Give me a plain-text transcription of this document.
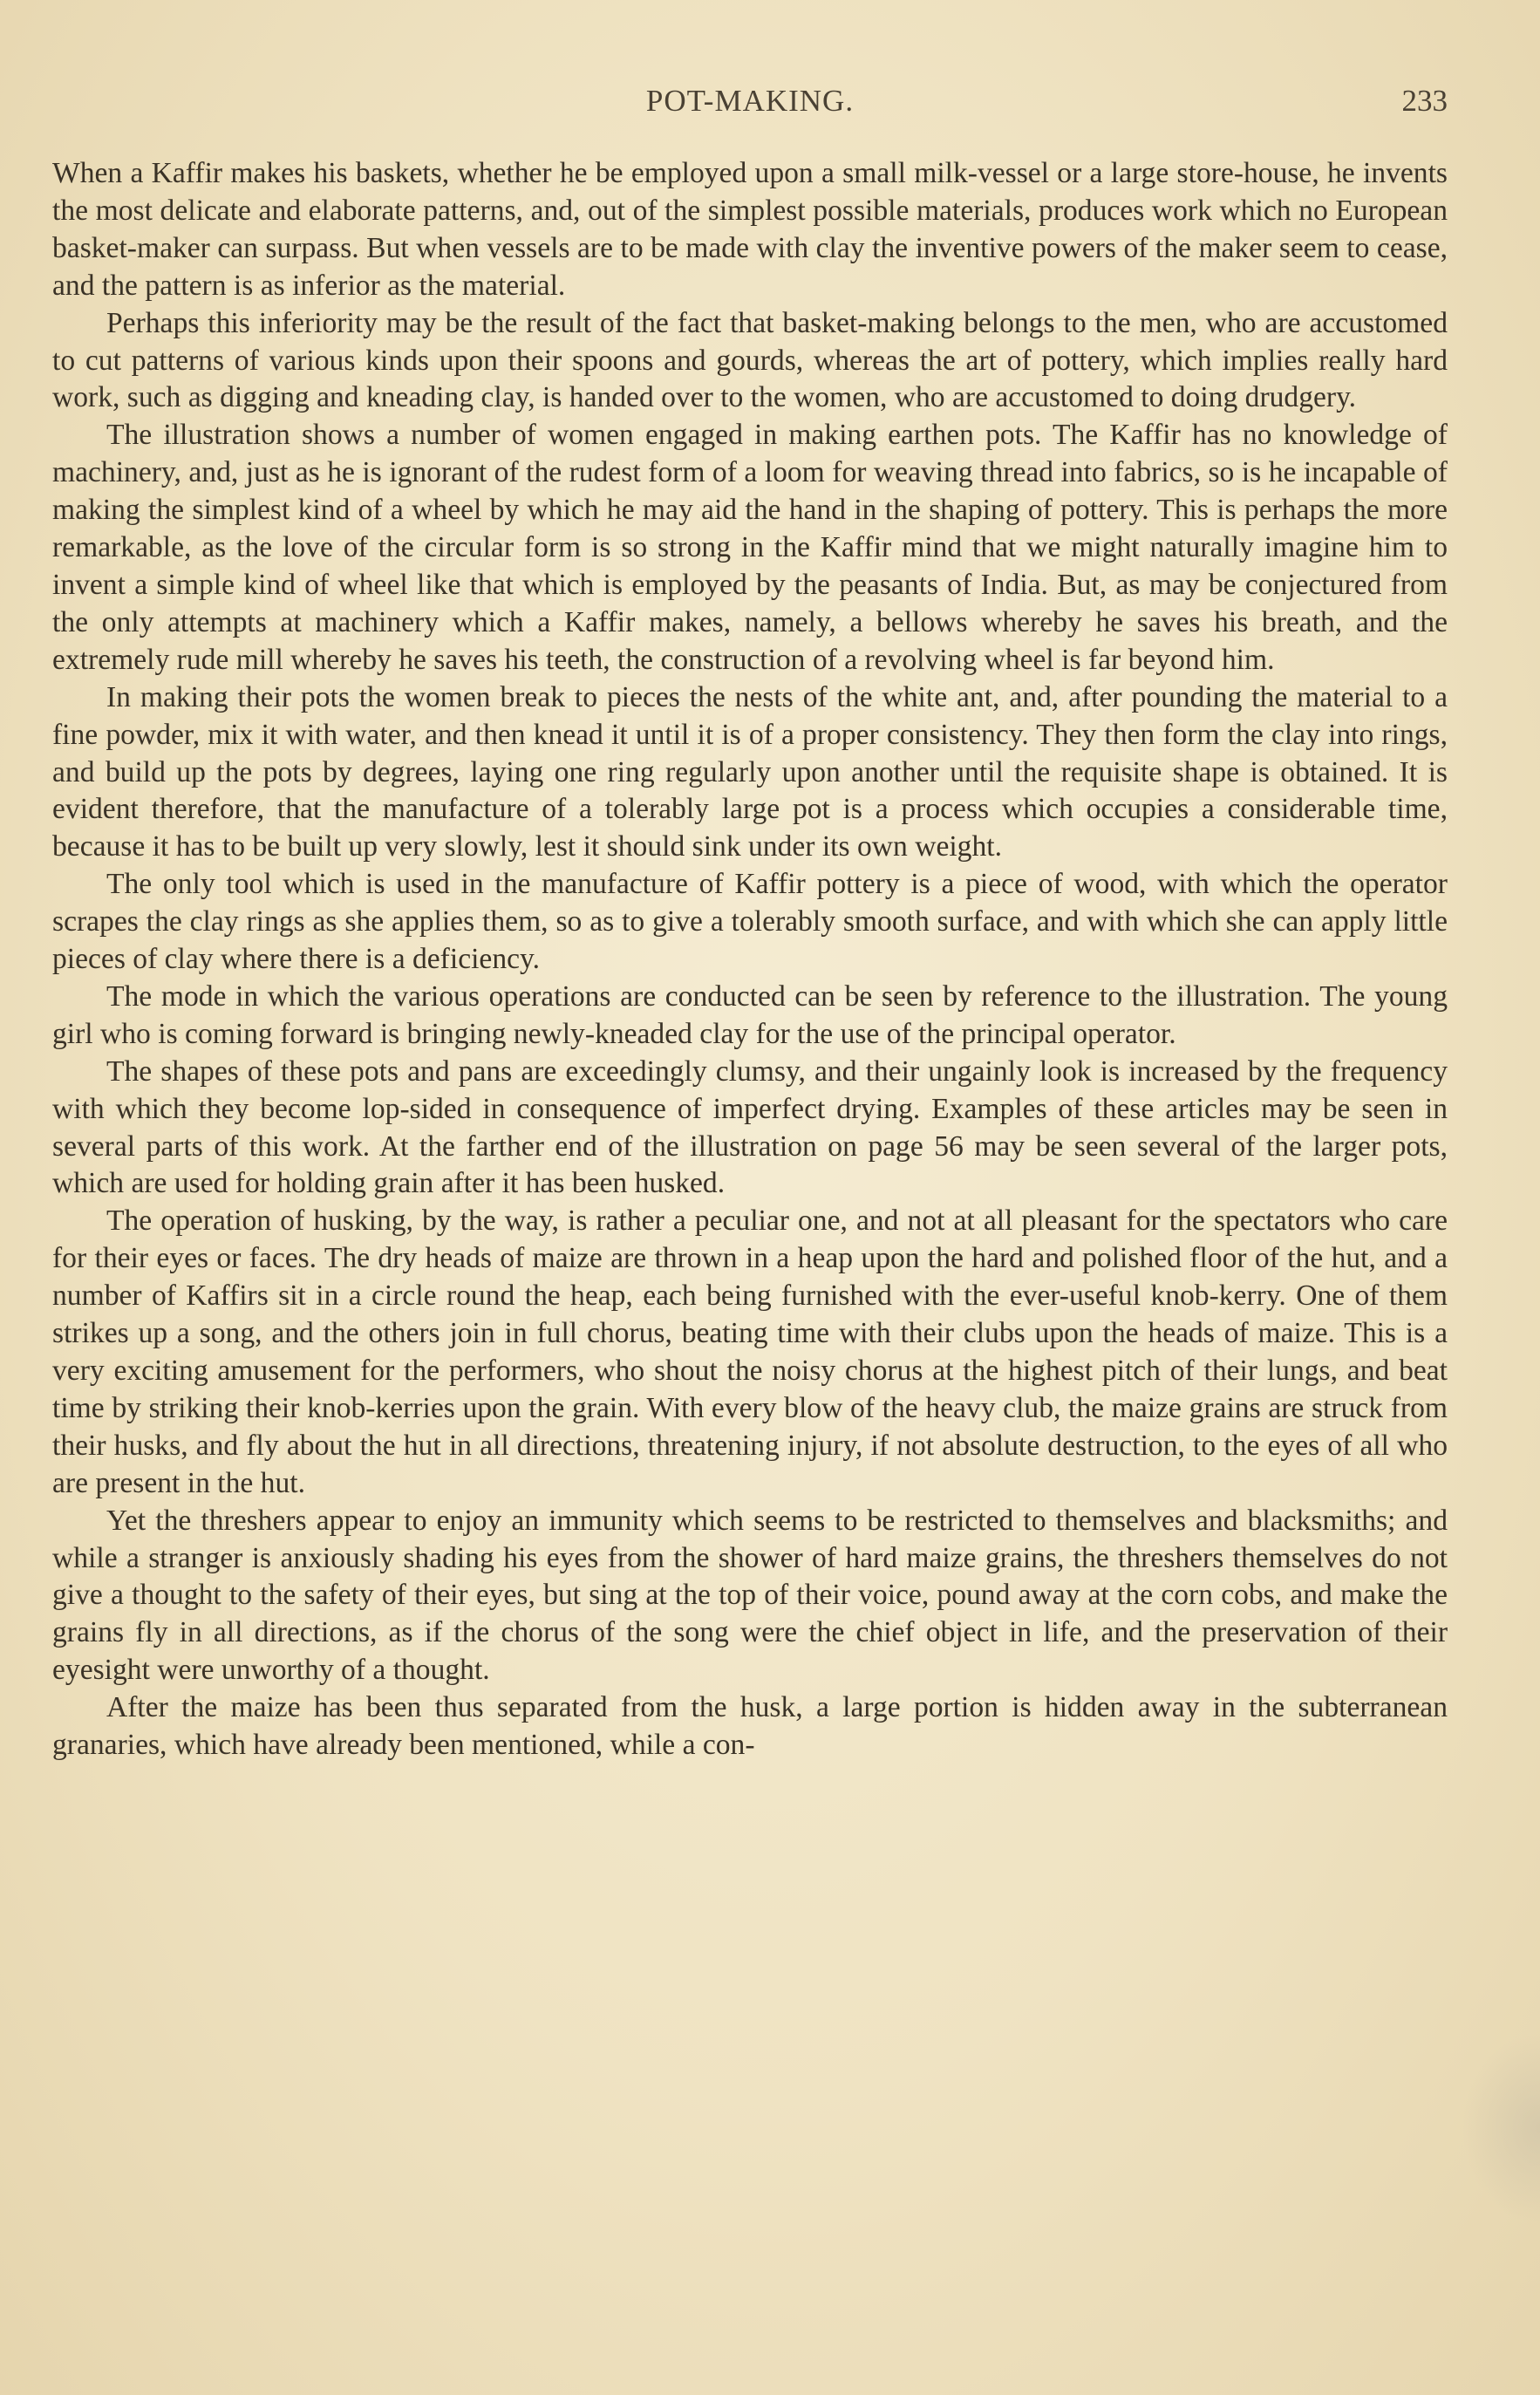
POT-MAKING.	233

When a Kaffir makes his baskets, whether he be employed upon a small milk-vessel or a large store-house, he invents the most delicate and elaborate patterns, and, out of the simplest possible materials, produces work which no European basket-maker can surpass. But when vessels are to be made with clay the inventive powers of the maker seem to cease, and the pattern is as inferior as the material.

Perhaps this inferiority may be the result of the fact that basket-making belongs to the men, who are accustomed to cut patterns of various kinds upon their spoons and gourds, whereas the art of pottery, which implies really hard work, such as digging and kneading clay, is handed over to the women, who are accustomed to doing drudgery.

The illustration shows a number of women engaged in making earthen pots. The Kaffir has no knowledge of machinery, and, just as he is ignorant of the rudest form of a loom for weaving thread into fabrics, so is he incapable of making the simplest kind of a wheel by which he may aid the hand in the shaping of pottery. This is perhaps the more remarkable, as the love of the circular form is so strong in the Kaffir mind that we might naturally imagine him to invent a simple kind of wheel like that which is employed by the peasants of India. But, as may be conjectured from the only attempts at machinery which a Kaffir makes, namely, a bellows whereby he saves his breath, and the extremely rude mill whereby he saves his teeth, the construction of a revolving wheel is far beyond him.

In making their pots the women break to pieces the nests of the white ant, and, after pounding the material to a fine powder, mix it with water, and then knead it until it is of a proper consistency. They then form the clay into rings, and build up the pots by degrees, laying one ring regularly upon another until the requisite shape is obtained. It is evident therefore, that the manufacture of a tolerably large pot is a process which occupies a considerable time, because it has to be built up very slowly, lest it should sink under its own weight.

The only tool which is used in the manufacture of Kaffir pottery is a piece of wood, with which the operator scrapes the clay rings as she applies them, so as to give a tolerably smooth surface, and with which she can apply little pieces of clay where there is a deficiency.

The mode in which the various operations are conducted can be seen by reference to the illustration. The young girl who is coming forward is bringing newly-kneaded clay for the use of the principal operator.

The shapes of these pots and pans are exceedingly clumsy, and their ungainly look is increased by the frequency with which they become lop-sided in consequence of imperfect drying. Examples of these articles may be seen in several parts of this work. At the farther end of the illustration on page 56 may be seen several of the larger pots, which are used for holding grain after it has been husked.

The operation of husking, by the way, is rather a peculiar one, and not at all pleasant for the spectators who care for their eyes or faces. The dry heads of maize are thrown in a heap upon the hard and polished floor of the hut, and a number of Kaffirs sit in a circle round the heap, each being furnished with the ever-useful knob-kerry. One of them strikes up a song, and the others join in full chorus, beating time with their clubs upon the heads of maize. This is a very exciting amusement for the performers, who shout the noisy chorus at the highest pitch of their lungs, and beat time by striking their knob-kerries upon the grain. With every blow of the heavy club, the maize grains are struck from their husks, and fly about the hut in all directions, threatening injury, if not absolute destruction, to the eyes of all who are present in the hut.

Yet the threshers appear to enjoy an immunity which seems to be restricted to themselves and blacksmiths; and while a stranger is anxiously shading his eyes from the shower of hard maize grains, the threshers themselves do not give a thought to the safety of their eyes, but sing at the top of their voice, pound away at the corn cobs, and make the grains fly in all directions, as if the chorus of the song were the chief object in life, and the preservation of their eyesight were unworthy of a thought.

After the maize has been thus separated from the husk, a large portion is hidden away in the subterranean granaries, which have already been mentioned, while a con-
